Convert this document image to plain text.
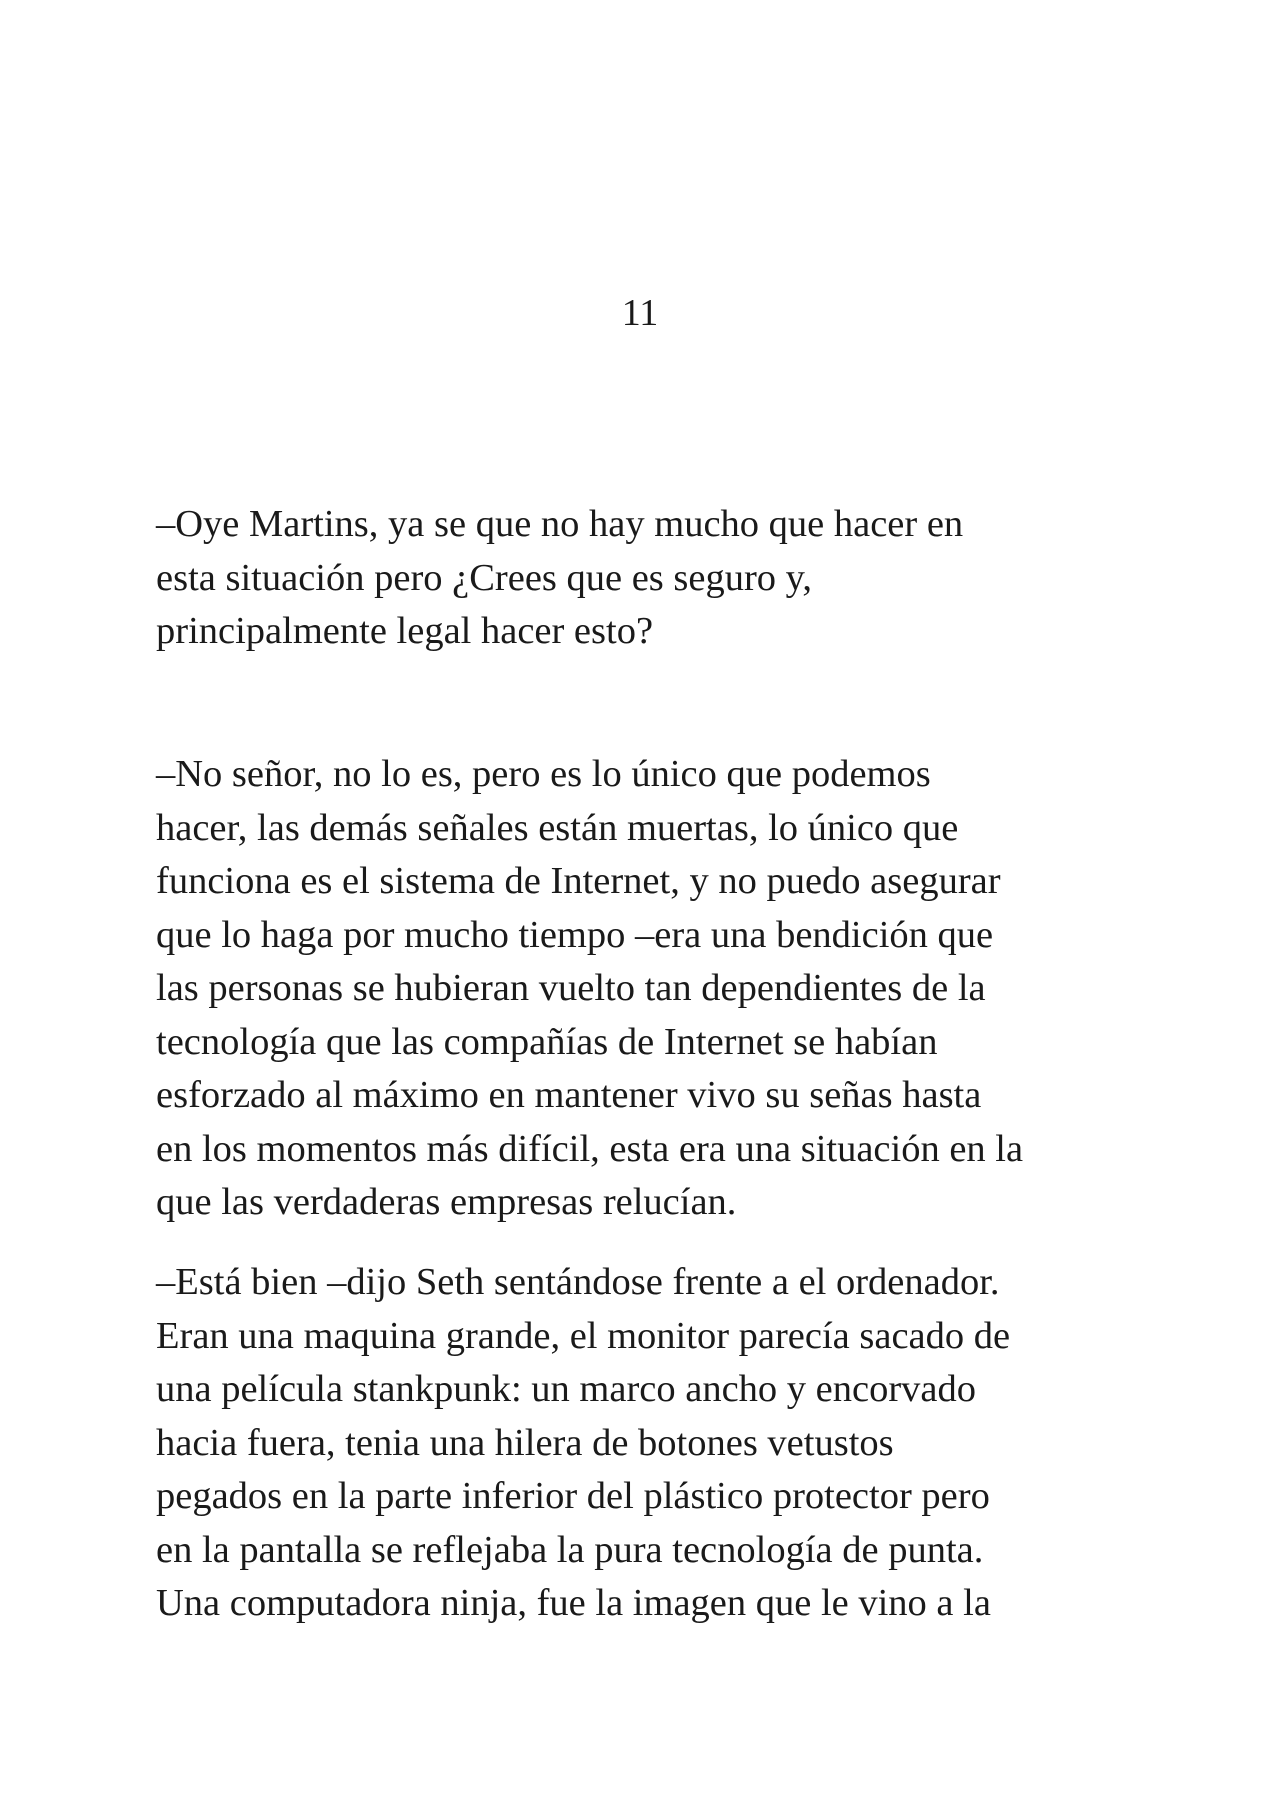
11
–Oye Martins, ya se que no hay mucho que hacer en
esta situación pero ¿Crees que es seguro y,
principalmente legal hacer esto?
–No señor, no lo es, pero es lo único que podemos
hacer, las demás señales están muertas, lo único que
funciona es el sistema de Internet, y no puedo asegurar
que lo haga por mucho tiempo –era una bendición que
las personas se hubieran vuelto tan dependientes de la
tecnología que las compañías de Internet se habían
esforzado al máximo en mantener vivo su señas hasta
en los momentos más difícil, esta era una situación en la
que las verdaderas empresas relucían.
–Está bien –dijo Seth sentándose frente a el ordenador.
Eran una maquina grande, el monitor parecía sacado de
una película stankpunk: un marco ancho y encorvado
hacia fuera, tenia una hilera de botones vetustos
pegados en la parte inferior del plástico protector pero
en la pantalla se reflejaba la pura tecnología de punta.
Una computadora ninja, fue la imagen que le vino a la
